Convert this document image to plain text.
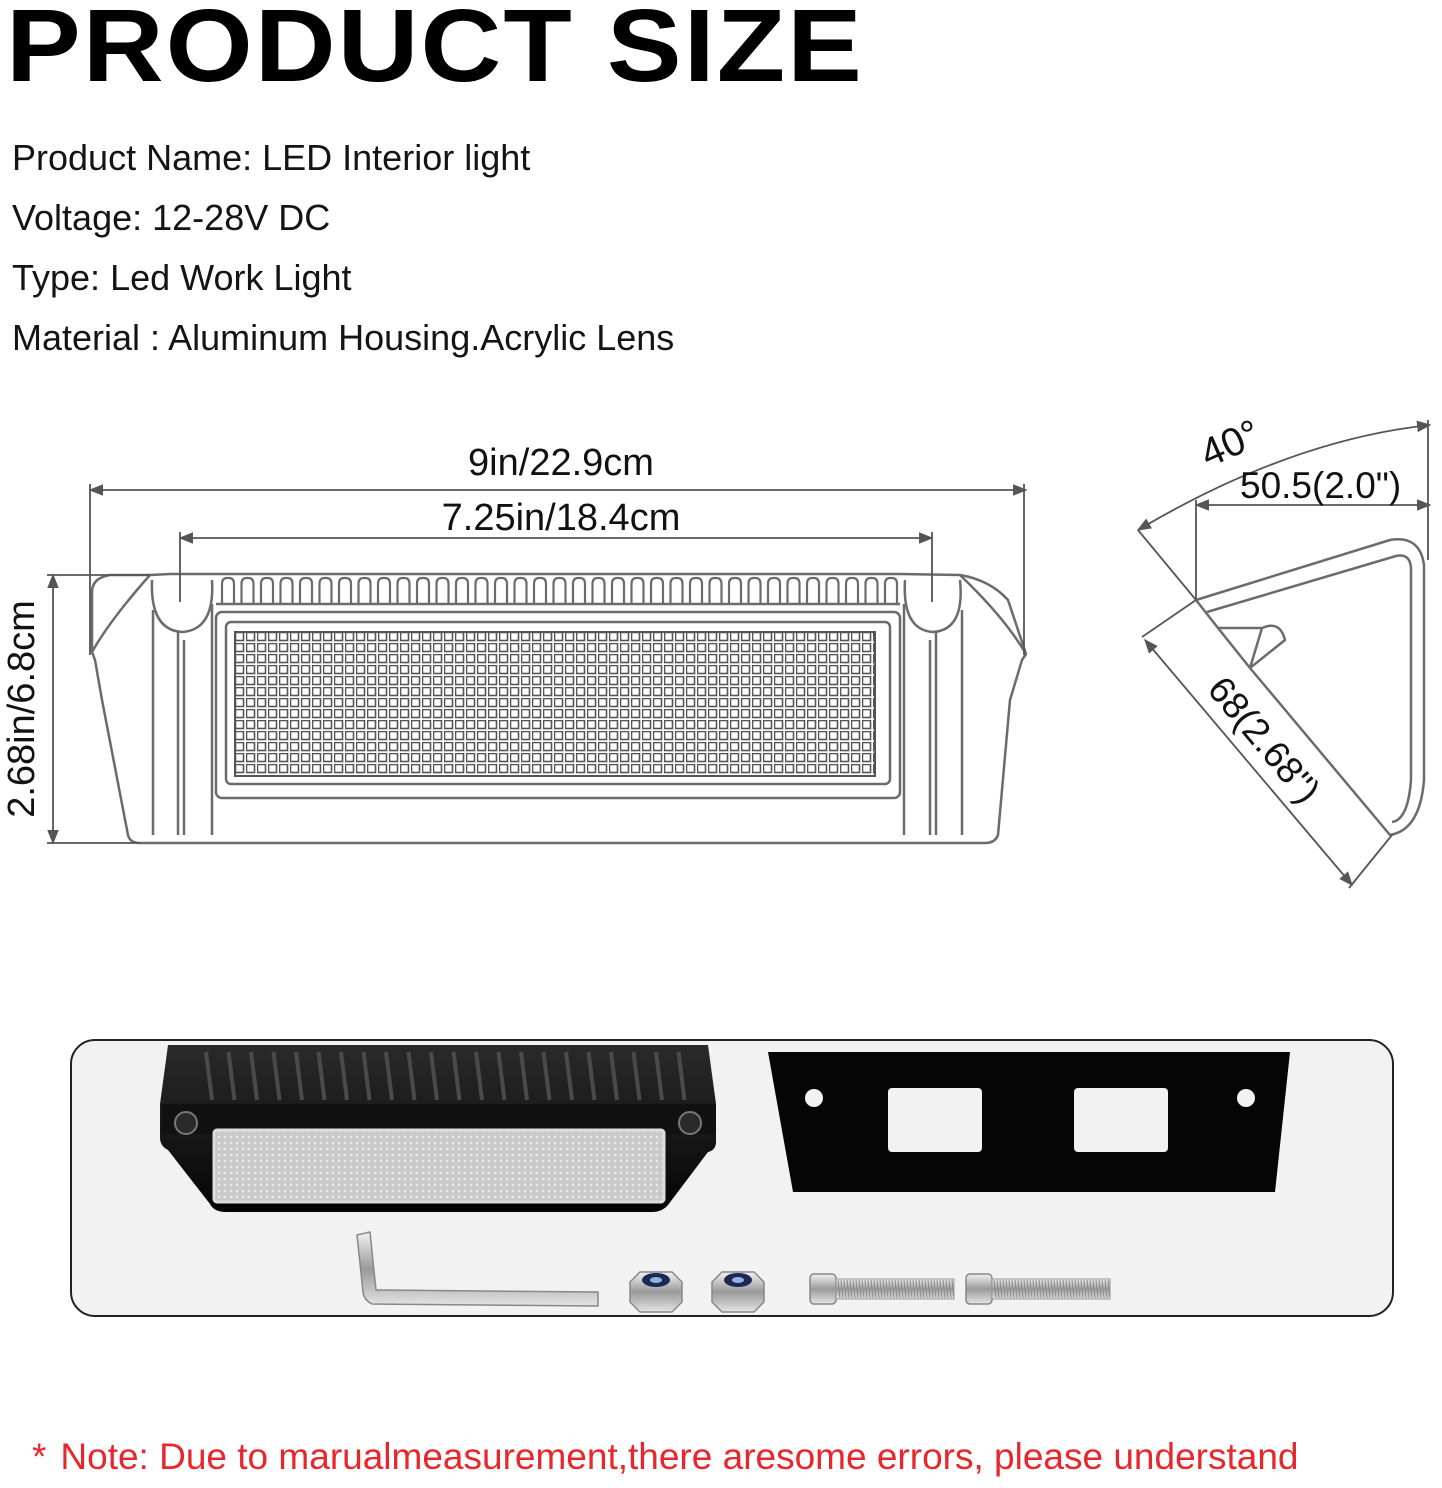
PRODUCT SIZE
Product Name: LED Interior light
Voltage: 12-28V DC
Type: Led Work Light
Material : Aluminum Housing.Acrylic Lens
9in/22.9cm
7.25in/18.4cm
2.68in/6.8cm
40°
50.5(2.0")
68(2.68")

* Note: Due to marualmeasurement,there aresome errors, please understand
